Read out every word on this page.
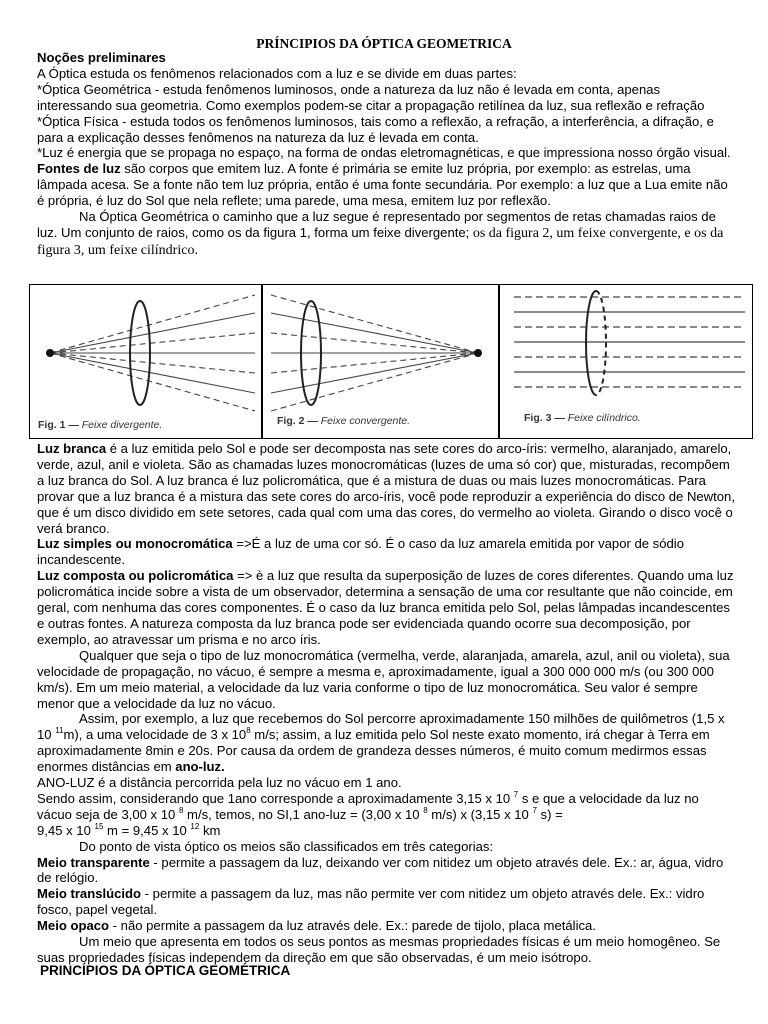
PRÍNCIPIOS DA ÓPTICA GEOMETRICA

Noções preliminares

A Óptica estuda os fenômenos relacionados com a luz e se divide em duas partes:

*Óptica Geométrica - estuda fenômenos luminosos, onde a natureza da luz não é levada em conta, apenas interessando sua geometria. Como exemplos podem-se citar a propagação retilínea da luz, sua reflexão e refração

*Óptica Física - estuda todos os fenômenos luminosos, tais como a reflexão, a refração, a interferência, a difração, e para a explicação desses fenômenos na natureza da luz é levada em conta.

*Luz é energia que se propaga no espaço, na forma de ondas eletromagnéticas, e que impressiona nosso órgão visual.

Fontes de luz são corpos que emitem luz. A fonte é primária se emite luz própria, por exemplo: as estrelas, uma lâmpada acesa. Se a fonte não tem luz própria, então é uma fonte secundária. Por exemplo: a luz que a Lua emite não é própria, é luz do Sol que nela reflete; uma parede, uma mesa, emitem luz por reflexão.

Na Óptica Geométrica o caminho que a luz segue é representado por segmentos de retas chamadas raios de luz. Um conjunto de raios, como os da figura 1, forma um feixe divergente; os da figura 2, um feixe convergente, e os da figura 3, um feixe cilíndrico.

Fig. 1 — Feixe divergente.	Fig. 2 — Feixe convergente.	Fig. 3 — Feixe cilíndrico.

Luz branca é a luz emitida pelo Sol e pode ser decomposta nas sete cores do arco-íris: vermelho, alaranjado, amarelo, verde, azul, anil e violeta. São as chamadas luzes monocromáticas (luzes de uma só cor) que, misturadas, recompõem a luz branca do Sol. A luz branca é luz policromática, que é a mistura de duas ou mais luzes monocromáticas. Para provar que a luz branca é a mistura das sete cores do arco-íris, você pode reproduzir a experiência do disco de Newton, que é um disco dividido em sete setores, cada qual com uma das cores, do vermelho ao violeta. Girando o disco você o verá branco.

Luz simples ou monocromática =>É a luz de uma cor só. É o caso da luz amarela emitida por vapor de sódio incandescente.

Luz composta ou policromática => è a luz que resulta da superposição de luzes de cores diferentes. Quando uma luz policromática incide sobre a vista de um observador, determina a sensação de uma cor resultante que não coincide, em geral, com nenhuma das cores componentes. É o caso da luz branca emitida pelo Sol, pelas lâmpadas incandescentes e outras fontes. A natureza composta da luz branca pode ser evidenciada quando ocorre sua decomposição, por exemplo, ao atravessar um prisma e no arco íris.

Qualquer que seja o tipo de luz monocromática (vermelha, verde, alaranjada, amarela, azul, anil ou violeta), sua velocidade de propagação, no vácuo, é sempre a mesma e, aproximadamente, igual a 300 000 000 m/s (ou 300 000 km/s). Em um meio material, a velocidade da luz varia conforme o tipo de luz monocromática. Seu valor é sempre menor que a velocidade da luz no vácuo.

Assim, por exemplo, a luz que recebemos do Sol percorre aproximadamente 150 milhões de quilômetros (1,5 x 10 $^{11}$m), a uma velocidade de 3 x $10^8$ m/s; assim, a luz emitida pelo Sol neste exato momento, irá chegar à Terra em aproximadamente 8min e 20s. Por causa da ordem de grandeza desses números, é muito comum medirmos essas enormes distâncias em ano-luz.

ANO-LUZ é a distância percorrida pela luz no vácuo em 1 ano.

Sendo assim, considerando que 1ano corresponde a aproximadamente 3,15 x 10 $^7$ s e que a velocidade da luz no vácuo seja de 3,00 x 10 $^8$ m/s, temos, no SI,1 ano-luz = (3,00 x 10 $^8$ m/s) x (3,15 x 10 $^7$ s) =

9,45 x 10 $^{15}$ m = 9,45 x 10 $^{12}$ km

Do ponto de vista óptico os meios são classificados em três categorias:

Meio transparente - permite a passagem da luz, deixando ver com nitidez um objeto através dele. Ex.: ar, água, vidro de relógio.

Meio translúcido - permite a passagem da luz, mas não permite ver com nitidez um objeto através dele. Ex.: vidro fosco, papel vegetal.

Meio opaco - não permite a passagem da luz através dele. Ex.: parede de tijolo, placa metálica.

Um meio que apresenta em todos os seus pontos as mesmas propriedades físicas é um meio homogêneo. Se suas propriedades físicas independem da direção em que são observadas, é um meio isótropo.

PRINCÍPIOS DA ÓPTICA GEOMÉTRICA
